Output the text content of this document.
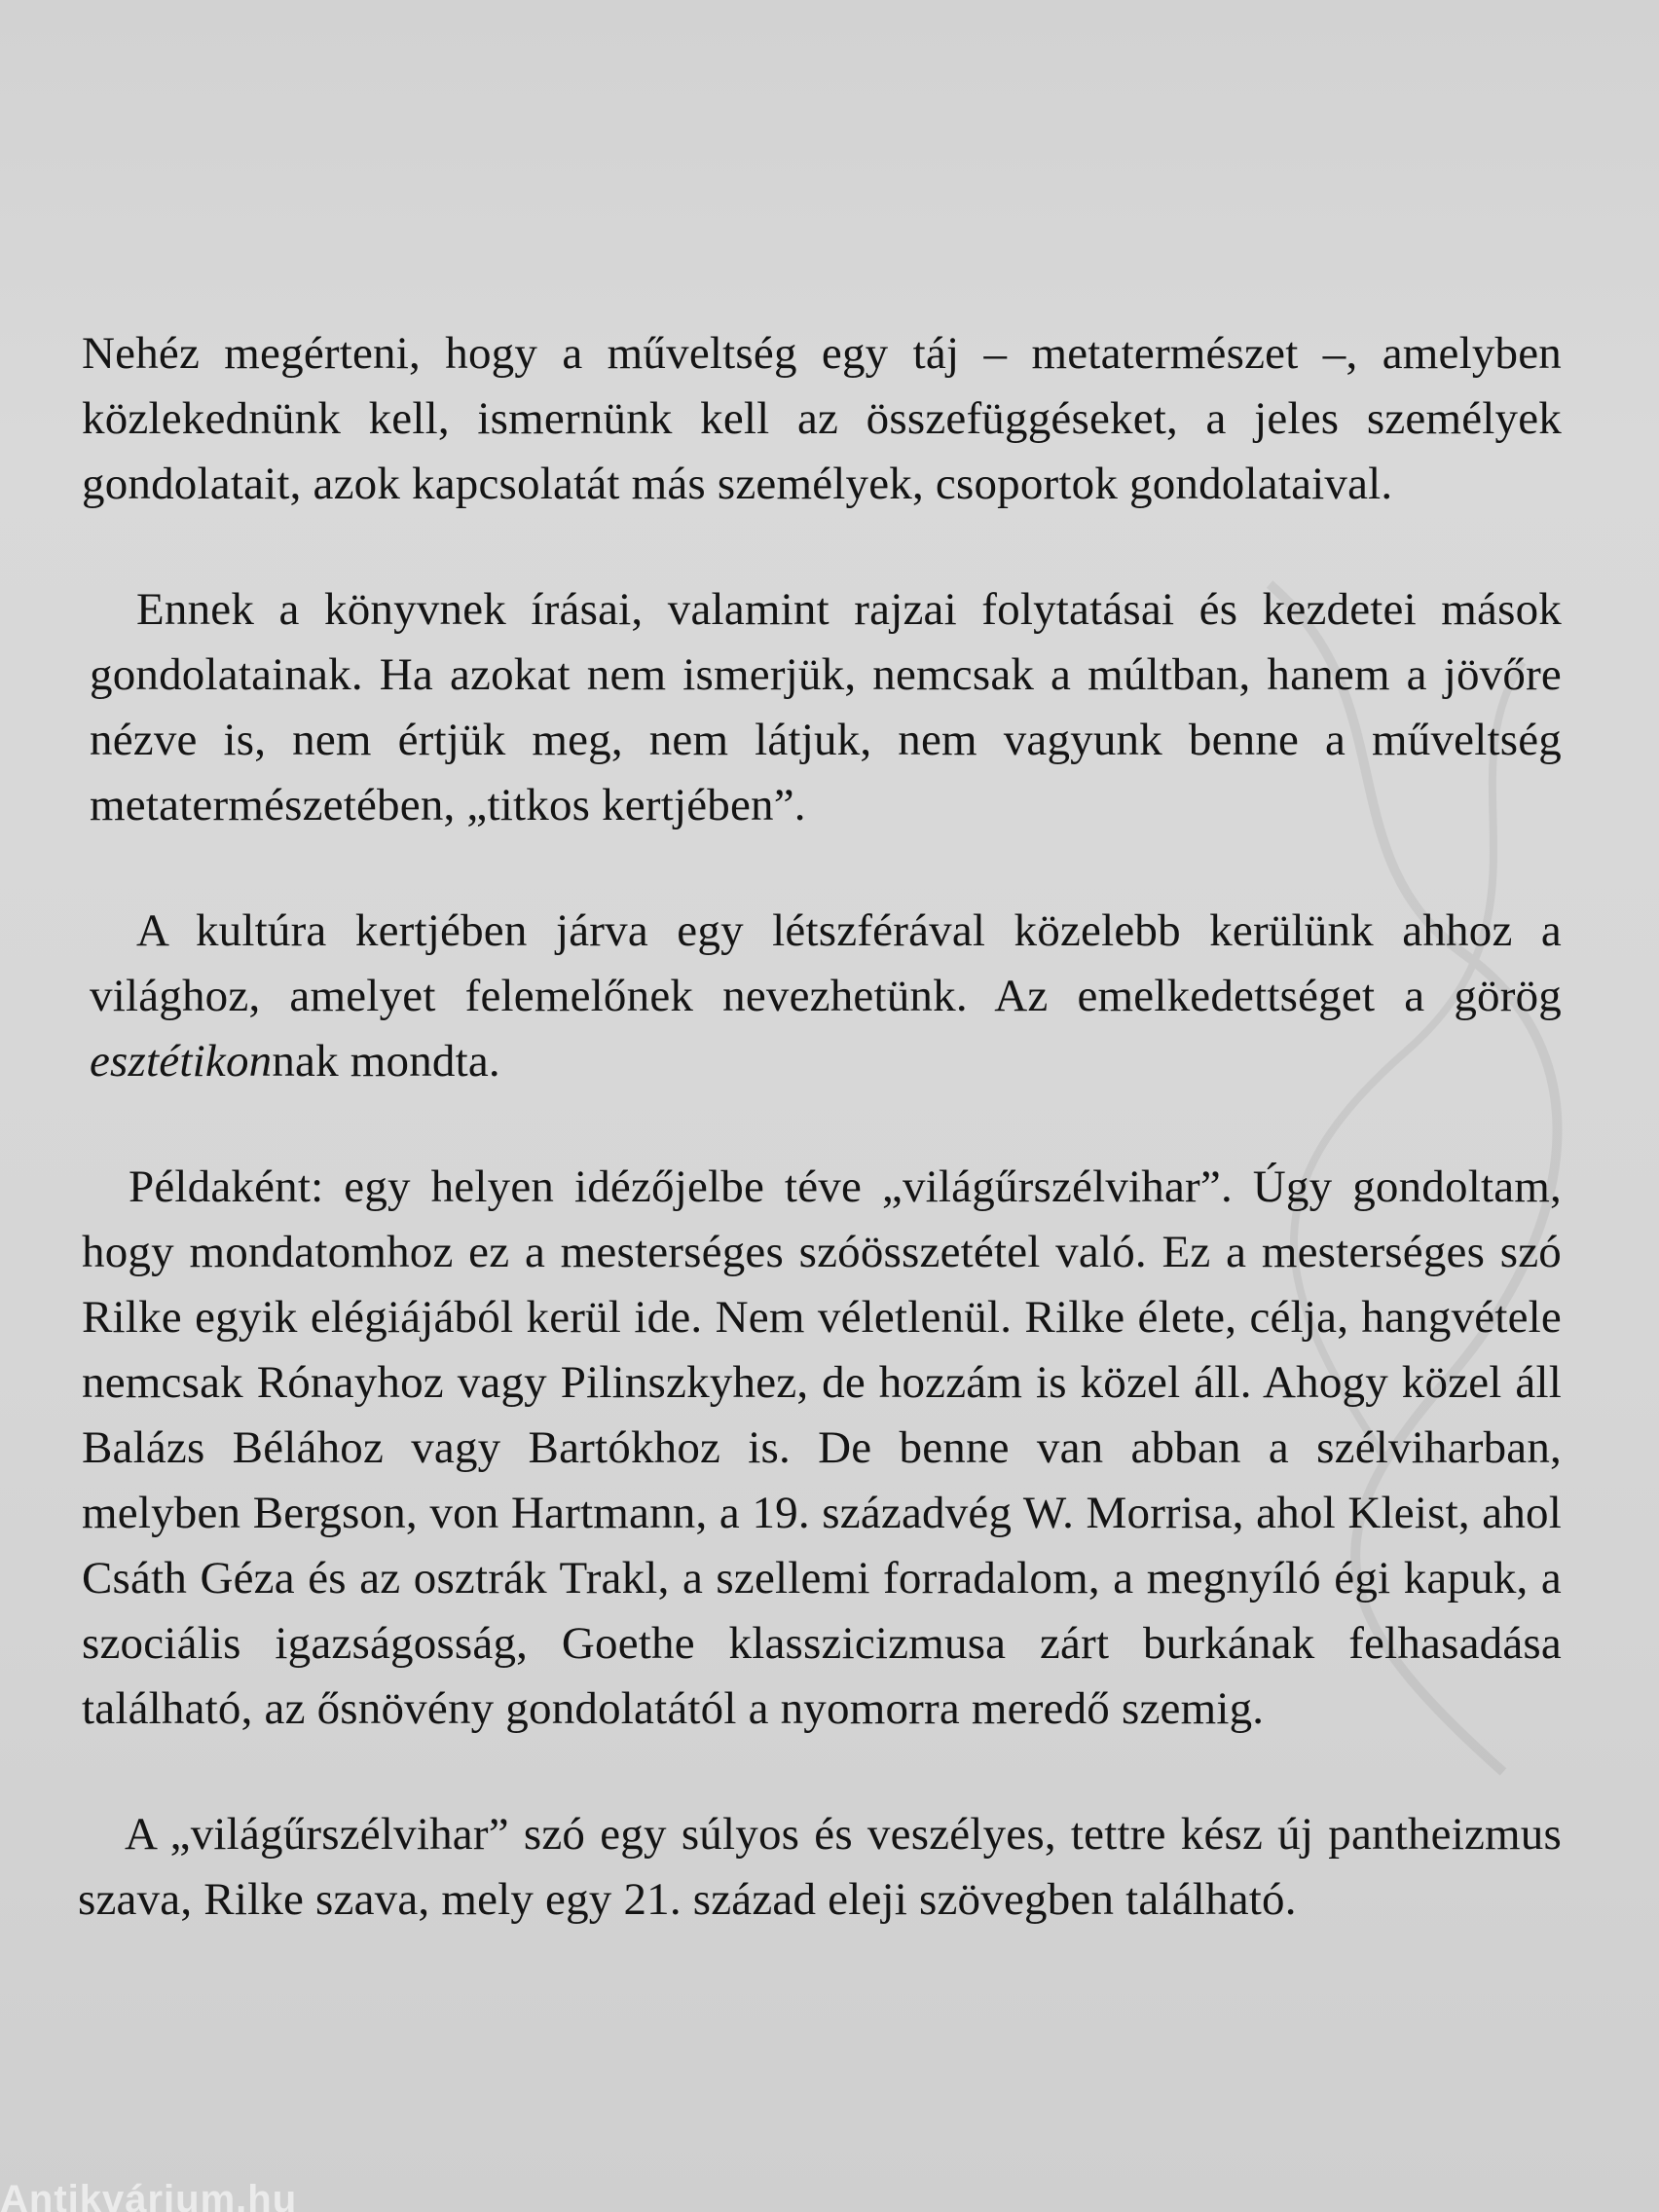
Nehéz megérteni, hogy a műveltség egy táj – metatermészet –, amelyben közlekednünk kell, ismernünk kell az összefüggéseket, a jeles személyek gondolatait, azok kapcsolatát más személyek, csoportok gondolataival.

Ennek a könyvnek írásai, valamint rajzai folytatásai és kezdetei mások gondolatainak. Ha azokat nem ismerjük, nemcsak a múltban, hanem a jövőre nézve is, nem értjük meg, nem látjuk, nem vagyunk benne a műveltség metatermészetében, „titkos kertjében”.

A kultúra kertjében járva egy létszférával közelebb kerülünk ahhoz a világhoz, amelyet felemelőnek nevezhetünk. Az emelkedettséget a görög esztétikonnak mondta.

Példaként: egy helyen idézőjelbe téve „világűrszélvihar”. Úgy gondoltam, hogy mondatomhoz ez a mesterséges szóösszetétel való. Ez a mesterséges szó Rilke egyik elégiájából kerül ide. Nem véletlenül. Rilke élete, célja, hangvétele nemcsak Rónayhoz vagy Pilinszkyhez, de hozzám is közel áll. Ahogy közel áll Balázs Bélához vagy Bartókhoz is. De benne van abban a szélviharban, melyben Bergson, von Hartmann, a 19. századvég W. Morrisa, ahol Kleist, ahol Csáth Géza és az osztrák Trakl, a szellemi forradalom, a megnyíló égi kapuk, a szociális igazságosság, Goethe klasszicizmusa zárt burkának felhasadása található, az ősnövény gondolatától a nyomorra meredő szemig.

A „világűrszélvihar” szó egy súlyos és veszélyes, tettre kész új pantheizmus szava, Rilke szava, mely egy 21. század eleji szövegben található.

Antikvárium.hu
